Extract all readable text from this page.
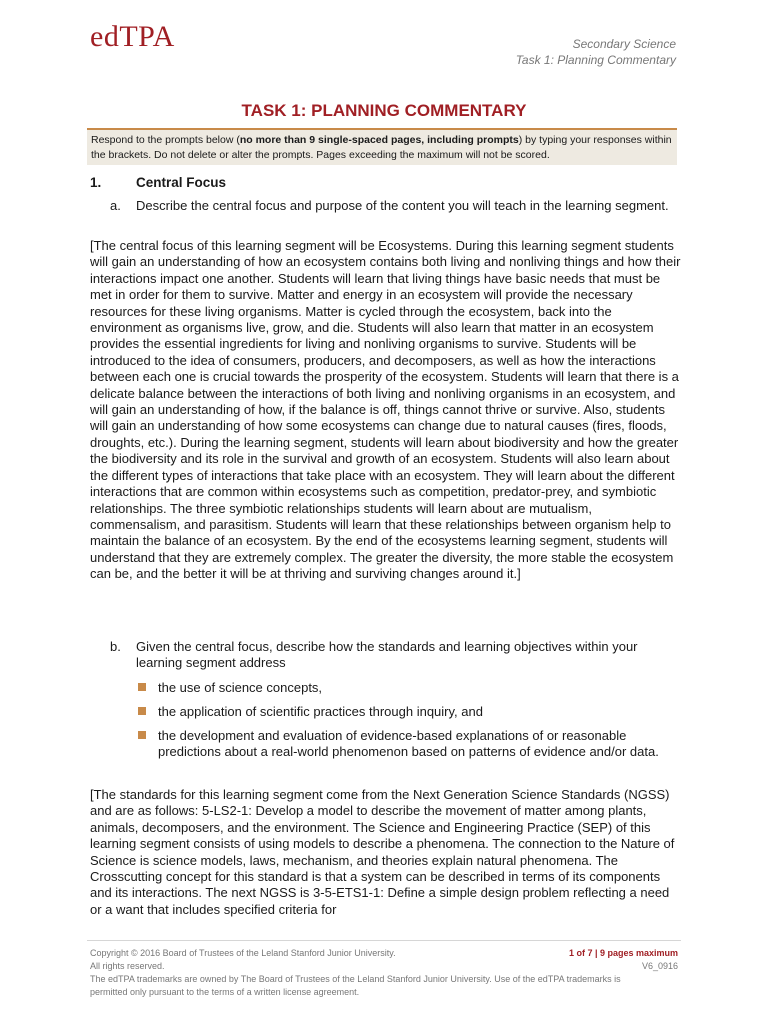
edTPA	Secondary Science
Task 1: Planning Commentary
TASK 1: PLANNING COMMENTARY
Respond to the prompts below (no more than 9 single-spaced pages, including prompts) by typing your responses within the brackets. Do not delete or alter the prompts. Pages exceeding the maximum will not be scored.
1.	Central Focus
a.	Describe the central focus and purpose of the content you will teach in the learning segment.
[The central focus of this learning segment will be Ecosystems. During this learning segment students will gain an understanding of how an ecosystem contains both living and nonliving things and how their interactions impact one another. Students will learn that living things have basic needs that must be met in order for them to survive. Matter and energy in an ecosystem will provide the necessary resources for these living organisms. Matter is cycled through the ecosystem, back into the environment as organisms live, grow, and die. Students will also learn that matter in an ecosystem provides the essential ingredients for living and nonliving organisms to survive. Students will be introduced to the idea of consumers, producers, and decomposers, as well as how the interactions between each one is crucial towards the prosperity of the ecosystem. Students will learn that there is a delicate balance between the interactions of both living and nonliving organisms in an ecosystem, and will gain an understanding of how, if the balance is off, things cannot thrive or survive. Also, students will gain an understanding of how some ecosystems can change due to natural causes (fires, floods, droughts, etc.). During the learning segment, students will learn about biodiversity and how the greater the biodiversity and its role in the survival and growth of an ecosystem. Students will also learn about the different types of interactions that take place with an ecosystem. They will learn about the different interactions that are common within ecosystems such as competition, predator-prey, and symbiotic relationships. The three symbiotic relationships students will learn about are mutualism, commensalism, and parasitism. Students will learn that these relationships between organism help to maintain the balance of an ecosystem. By the end of the ecosystems learning segment, students will understand that they are extremely complex. The greater the diversity, the more stable the ecosystem can be, and the better it will be at thriving and surviving changes around it.]
b.	Given the central focus, describe how the standards and learning objectives within your learning segment address
the use of science concepts,
the application of scientific practices through inquiry, and
the development and evaluation of evidence-based explanations of or reasonable predictions about a real-world phenomenon based on patterns of evidence and/or data.
[The standards for this learning segment come from the Next Generation Science Standards (NGSS) and are as follows: 5-LS2-1: Develop a model to describe the movement of matter among plants, animals, decomposers, and the environment. The Science and Engineering Practice (SEP) of this learning segment consists of using models to describe a phenomena. The connection to the Nature of Science is science models, laws, mechanism, and theories explain natural phenomena. The Crosscutting concept for this standard is that a system can be described in terms of its components and its interactions. The next NGSS is 3-5-ETS1-1: Define a simple design problem reflecting a need or a want that includes specified criteria for
Copyright © 2016 Board of Trustees of the Leland Stanford Junior University.
All rights reserved.
The edTPA trademarks are owned by The Board of Trustees of the Leland Stanford Junior University. Use of the edTPA trademarks is permitted only pursuant to the terms of a written license agreement.
1 of 7 | 9 pages maximum
V6_0916
